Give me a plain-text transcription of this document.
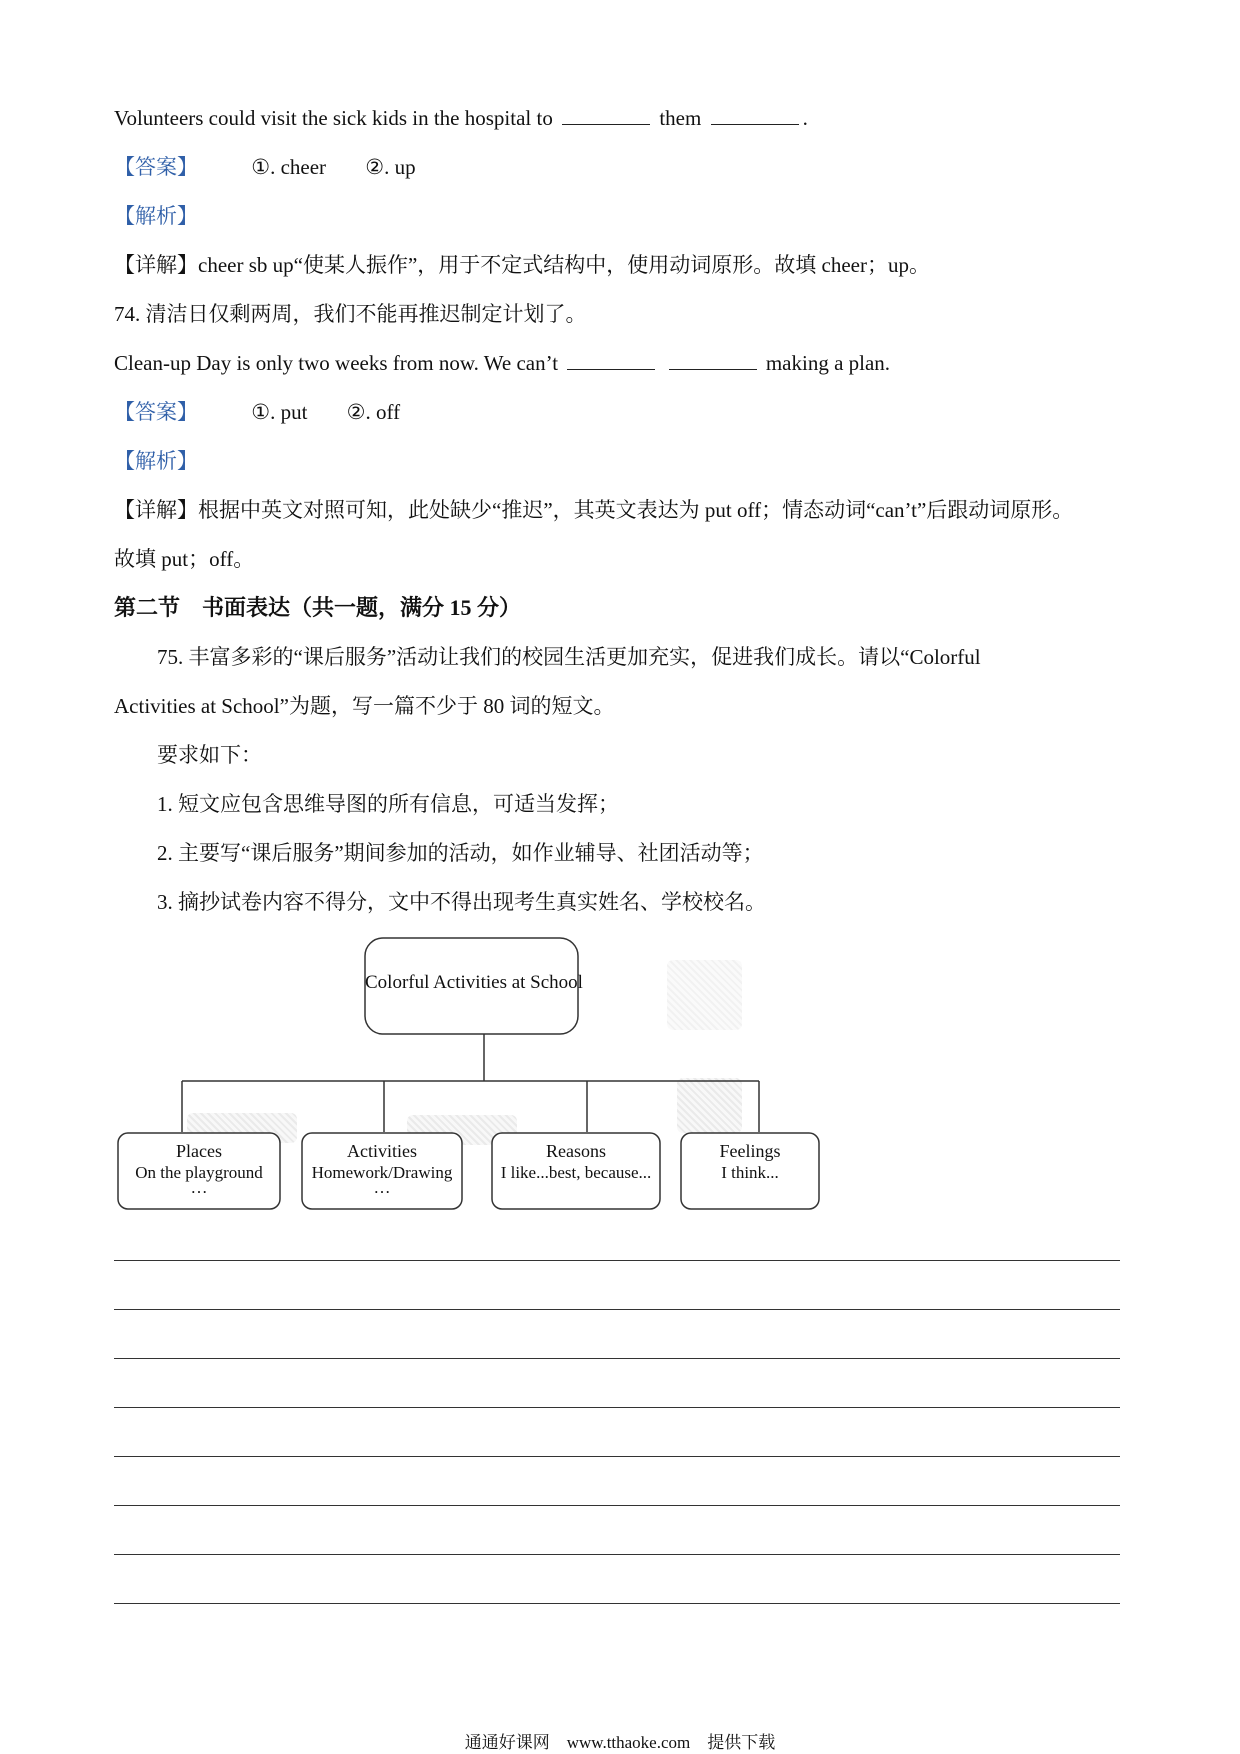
Volunteers could visit the sick kids in the hospital to	them	.
【答案】	①. cheer ②. up
【解析】
【详解】cheer sb up“使某人振作”，用于不定式结构中，使用动词原形。故填 cheer；up。
74. 清洁日仅剩两周，我们不能再推迟制定计划了。
Clean-up Day is only two weeks from now. We can’t	making a plan.
【答案】	①. put ②. off
【解析】
【详解】根据中英文对照可知，此处缺少“推迟”，其英文表达为 put off；情态动词“can’t”后跟动词原形。
故填 put；off。
第二节　书面表达（共一题，满分 15 分）
75. 丰富多彩的“课后服务”活动让我们的校园生活更加充实，促进我们成长。请以“Colorful
Activities at School”为题，写一篇不少于 80 词的短文。
要求如下：
1. 短文应包含思维导图的所有信息，可适当发挥；
2. 主要写“课后服务”期间参加的活动，如作业辅导、社团活动等；
3. 摘抄试卷内容不得分，文中不得出现考生真实姓名、学校校名。
Colorful Activities at School
Places
On the playground
…
Activities
Homework/Drawing
…
Reasons
I like...best, because...
Feelings
I think...
通通好课网　www.tthaoke.com　提供下载
